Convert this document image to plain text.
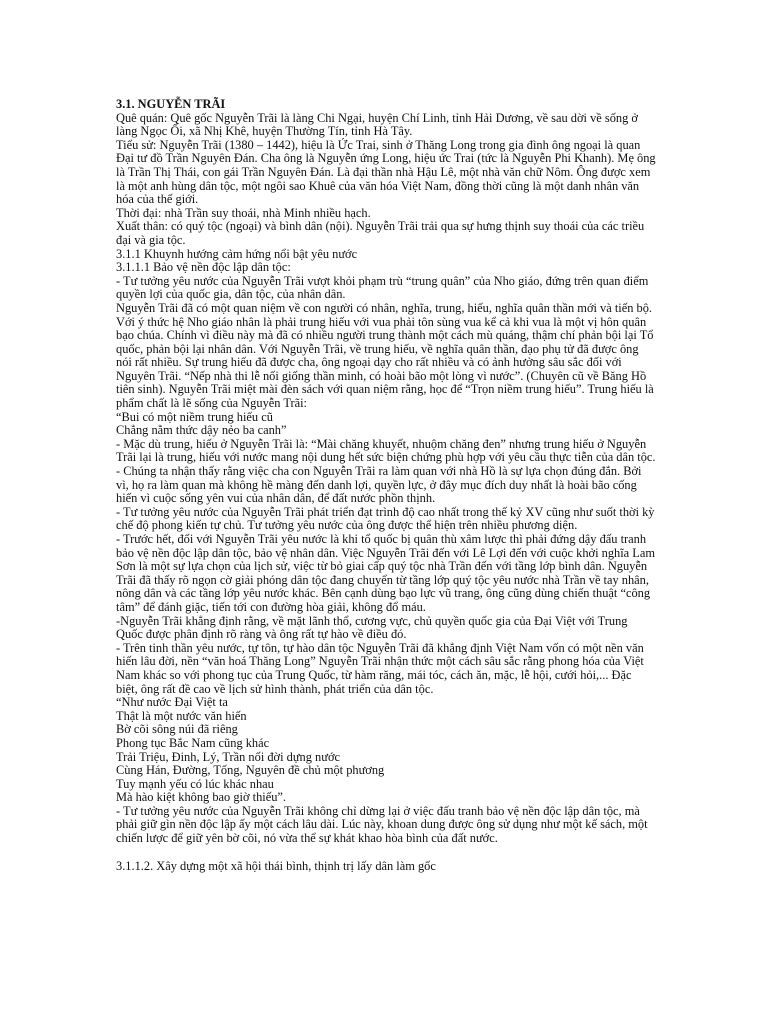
3.1. NGUYỄN TRÃI

Quê quán: Quê gốc Nguyễn Trãi là làng Chi Ngại, huyện Chí Linh, tỉnh Hải Dương, về sau dời về sống ở làng Ngọc Ổi, xã Nhị Khê, huyện Thường Tín, tỉnh Hà Tây.

Tiểu sử: Nguyễn Trãi (1380 – 1442), hiệu là Ức Trai, sinh ở Thăng Long trong gia đình ông ngoại là quan Đại tư đồ Trần Nguyên Đán. Cha ông là Nguyễn ứng Long, hiệu ức Trai (tức là Nguyễn Phi Khanh). Mẹ ông là Trần Thị Thái, con gái Trần Nguyên Đán. Là đại thần nhà Hậu Lê, một nhà văn chữ Nôm. Ông được xem là một anh hùng dân tộc, một ngôi sao Khuê của văn hóa Việt Nam, đồng thời cũng là một danh nhân văn hóa của thế giới.

Thời đại: nhà Trần suy thoái, nhà Minh nhiều hạch.

Xuất thân: có quý tộc (ngoại) và bình dân (nội). Nguyễn Trãi trải qua sự hưng thịnh suy thoái của các triều đại và gia tộc.

3.1.1 Khuynh hướng cảm hứng nổi bật yêu nước

3.1.1.1 Bảo vệ nền độc lập dân tộc:

- Tư tưởng yêu nước của Nguyễn Trãi vượt khỏi phạm trù “trung quân” của Nho giáo, đứng trên quan điểm quyền lợi của quốc gia, dân tộc, của nhân dân.

Nguyễn Trãi đã có một quan niệm về con người có nhân, nghĩa, trung, hiếu, nghĩa quân thần mới và tiến bộ. Với ý thức hệ Nho giáo nhân là phải trung hiếu với vua phải tôn sùng vua kể cả khi vua là một vị hôn quân bạo chúa. Chính vì điều này mà đã có nhiều người trung thành một cách mù quáng, thậm chí phản bội lại Tổ quốc, phản bội lại nhân dân. Với Nguyễn Trãi, về trung hiếu, về nghĩa quân thần, đạo phụ tử đã được ông nói rất nhiều. Sự trung hiếu đã được cha, ông ngoại dạy cho rất nhiều và có ảnh hưởng sâu sắc đối với Nguyên Trãi. “Nếp nhà thi lễ nối giống thần minh, có hoài bão một lòng vì nước”. (Chuyên cũ về Băng Hồ tiên sinh). Nguyễn Trãi miệt mài đèn sách với quan niệm rằng, học để “Trọn niềm trung hiếu”. Trung hiếu là phẩm chất là lẽ sống của Nguyễn Trãi:

“Bui có một niềm trung hiếu cũ

Chẳng nằm thức dậy nẻo ba canh”

- Mặc dù trung, hiếu ở Nguyễn Trãi là: “Mài chăng khuyết, nhuộm chăng đen” nhưng trung hiếu ở Nguyễn Trãi lại là trung, hiếu với nước mang nội dung hết sức biện chứng phù hợp với yêu cầu thực tiễn của dân tộc.

- Chúng ta nhận thấy rằng việc cha con Nguyễn Trãi ra làm quan với nhà Hồ là sự lựa chọn đúng đắn. Bởi vì, họ ra làm quan mà không hề màng đến danh lợi, quyền lực, ở đây mục đích duy nhất là hoài bão cống hiến vì cuộc sống yên vui của nhân dân, để đất nước phồn thịnh.

- Tư tưởng yêu nước của Nguyễn Trãi phát triển đạt trình độ cao nhất trong thế kỷ XV cũng như suốt thời kỳ chế độ phong kiến tự chủ. Tư tưởng yêu nước của ông được thể hiện trên nhiều phương diện.

- Trước hết, đối với Nguyễn Trãi yêu nước là khi tổ quốc bị quân thù xâm lược thì phải đứng dậy đấu tranh bảo vệ nền độc lập dân tộc, bảo vệ nhân dân. Việc Nguyễn Trãi đến với Lê Lợi đến với cuộc khởi nghĩa Lam Sơn là một sự lựa chọn của lịch sử, việc từ bỏ giai cấp quý tộc nhà Trần đến với tầng lớp bình dân. Nguyễn Trãi đã thấy rõ ngọn cờ giải phóng dân tộc đang chuyển từ tầng lớp quý tộc yêu nước nhà Trần về tay nhân, nông dân và các tầng lớp yêu nước khác. Bên cạnh dùng bạo lực vũ trang, ông cũng dùng chiến thuật “công tâm” để đánh giặc, tiến tới con đường hòa giải, không đổ máu.

-Nguyễn Trãi khẳng định rằng, về mặt lãnh thổ, cương vực, chủ quyền quốc gia của Đại Việt với Trung Quốc được phân định rõ ràng và ông rất tự hào về điều đó.

- Trên tinh thần yêu nước, tự tôn, tự hào dân tộc Nguyễn Trãi đã khẳng định Việt Nam vốn có một nền văn hiến lâu đời, nền “văn hoá Thăng Long” Nguyễn Trãi nhận thức một cách sâu sắc rằng phong hóa của Việt Nam khác so với phong tục của Trung Quốc, từ hàm răng, mái tóc, cách ăn, mặc, lễ hội, cưới hỏi,... Đặc biệt, ông rất đề cao về lịch sử hình thành, phát triển của dân tộc.

“Như nước Đại Việt ta

Thật là một nước văn hiến

Bờ cõi sông núi đã riêng

Phong tục Bắc Nam cũng khác

Trải Triệu, Đinh, Lý, Trần nối đời dựng nước

Cùng Hán, Đường, Tống, Nguyên đề chủ một phương

Tuy mạnh yếu có lúc khác nhau

Mà hào kiệt không bao giờ thiếu”.

- Tư tưởng yêu nước của Nguyễn Trãi không chỉ dừng lại ở việc đấu tranh bảo vệ nền độc lập dân tộc, mà phải giữ gìn nền độc lập ấy một cách lâu dài. Lúc này, khoan dung được ông sử dụng như một kế sách, một chiến lược để giữ yên bờ cõi, nó vừa thể sự khát khao hòa bình của đất nước.

3.1.1.2. Xây dựng một xã hội thái bình, thịnh trị lấy dân làm gốc
